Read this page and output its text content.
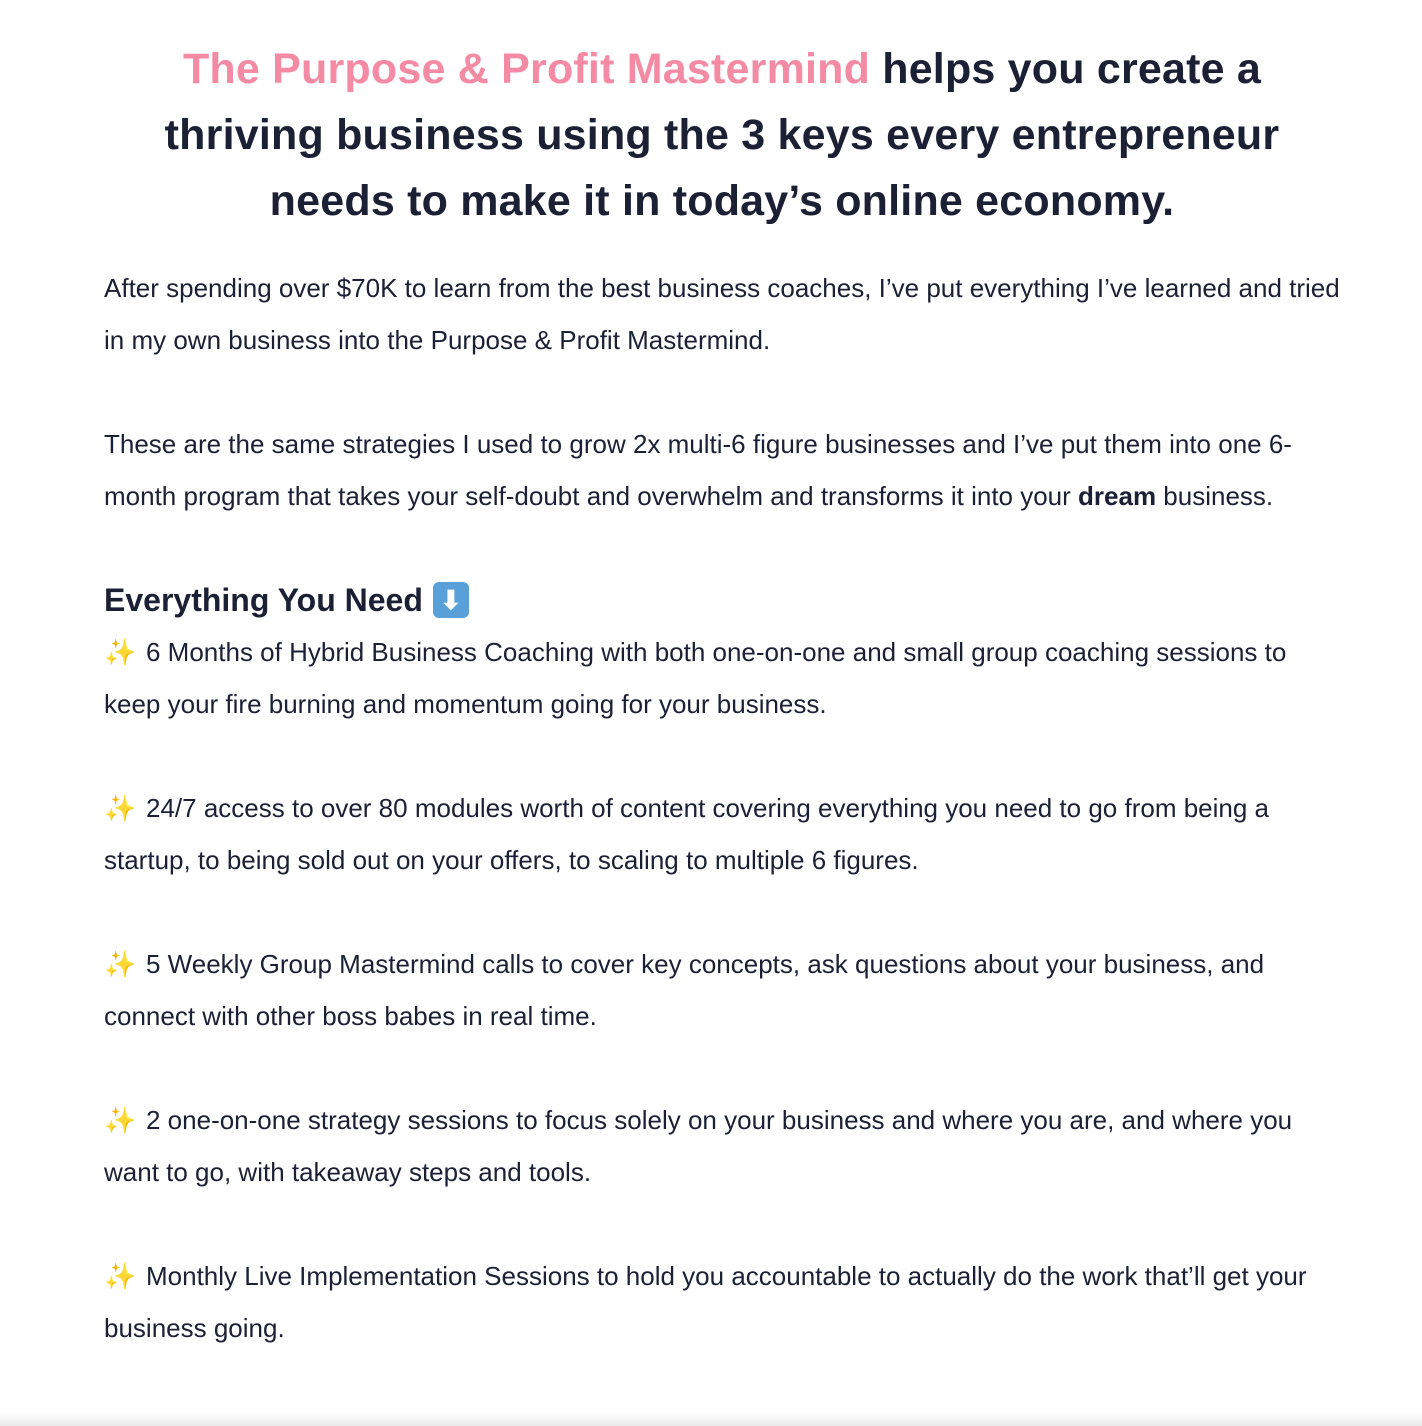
The Purpose & Profit Mastermind helps you create a thriving business using the 3 keys every entrepreneur needs to make it in today’s online economy.

After spending over $70K to learn from the best business coaches, I’ve put everything I’ve learned and tried in my own business into the Purpose & Profit Mastermind.

These are the same strategies I used to grow 2x multi-6 figure businesses and I’ve put them into one 6-month program that takes your self-doubt and overwhelm and transforms it into your dream business.

Everything You Need ⬇
✨ 6 Months of Hybrid Business Coaching with both one-on-one and small group coaching sessions to keep your fire burning and momentum going for your business.
✨ 24/7 access to over 80 modules worth of content covering everything you need to go from being a startup, to being sold out on your offers, to scaling to multiple 6 figures.
✨ 5 Weekly Group Mastermind calls to cover key concepts, ask questions about your business, and connect with other boss babes in real time.
✨ 2 one-on-one strategy sessions to focus solely on your business and where you are, and where you want to go, with takeaway steps and tools.
✨ Monthly Live Implementation Sessions to hold you accountable to actually do the work that’ll get your business going.
